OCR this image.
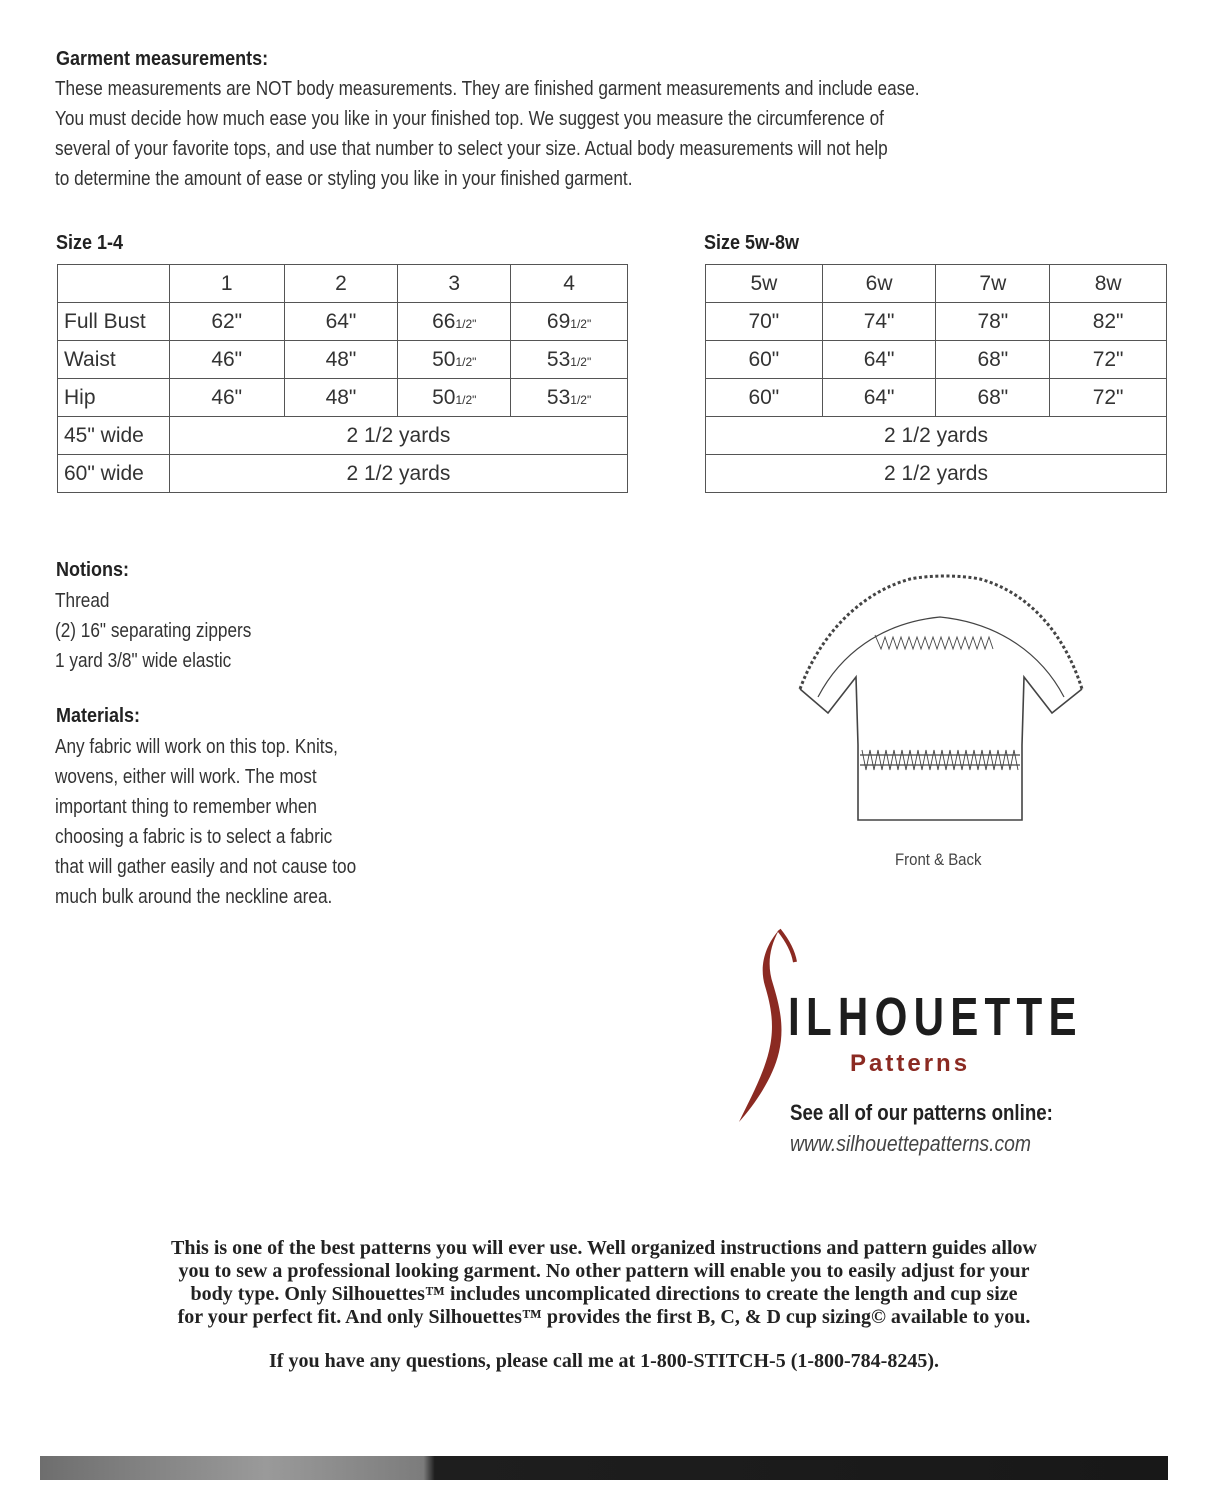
Garment measurements:
These measurements are NOT body measurements. They are finished garment measurements and include ease.
You must decide how much ease you like in your finished top. We suggest you measure the circumference of
several of your favorite tops, and use that number to select your size. Actual body measurements will not help
to determine the amount of ease or styling you like in your finished garment.
Size 1-4
	1	2	3	4
Full Bust	62"	64"	661/2"	691/2"
Waist	46"	48"	501/2"	531/2"
Hip	46"	48"	501/2"	531/2"
45" wide	2 1/2 yards			
60" wide	2 1/2 yards			
Size 5w-8w
5w	6w	7w	8w
70"	74"	78"	82"
60"	64"	68"	72"
60"	64"	68"	72"
2 1/2 yards			
2 1/2 yards			
Notions:
Thread
(2) 16" separating zippers
1 yard 3/8" wide elastic
Materials:
Any fabric will work on this top. Knits,
wovens, either will work. The most
important thing to remember when
choosing a fabric is to select a fabric
that will gather easily and not cause too
much bulk around the neckline area.
Front & Back
ILHOUETTE
Patterns
See all of our patterns online:
www.silhouettepatterns.com
This is one of the best patterns you will ever use. Well organized instructions and pattern guides allow
you to sew a professional looking garment. No other pattern will enable you to easily adjust for your
body type. Only Silhouettes™ includes uncomplicated directions to create the length and cup size
for your perfect fit. And only Silhouettes™ provides the first B, C, & D cup sizing© available to you.
If you have any questions, please call me at 1-800-STITCH-5 (1-800-784-8245).
